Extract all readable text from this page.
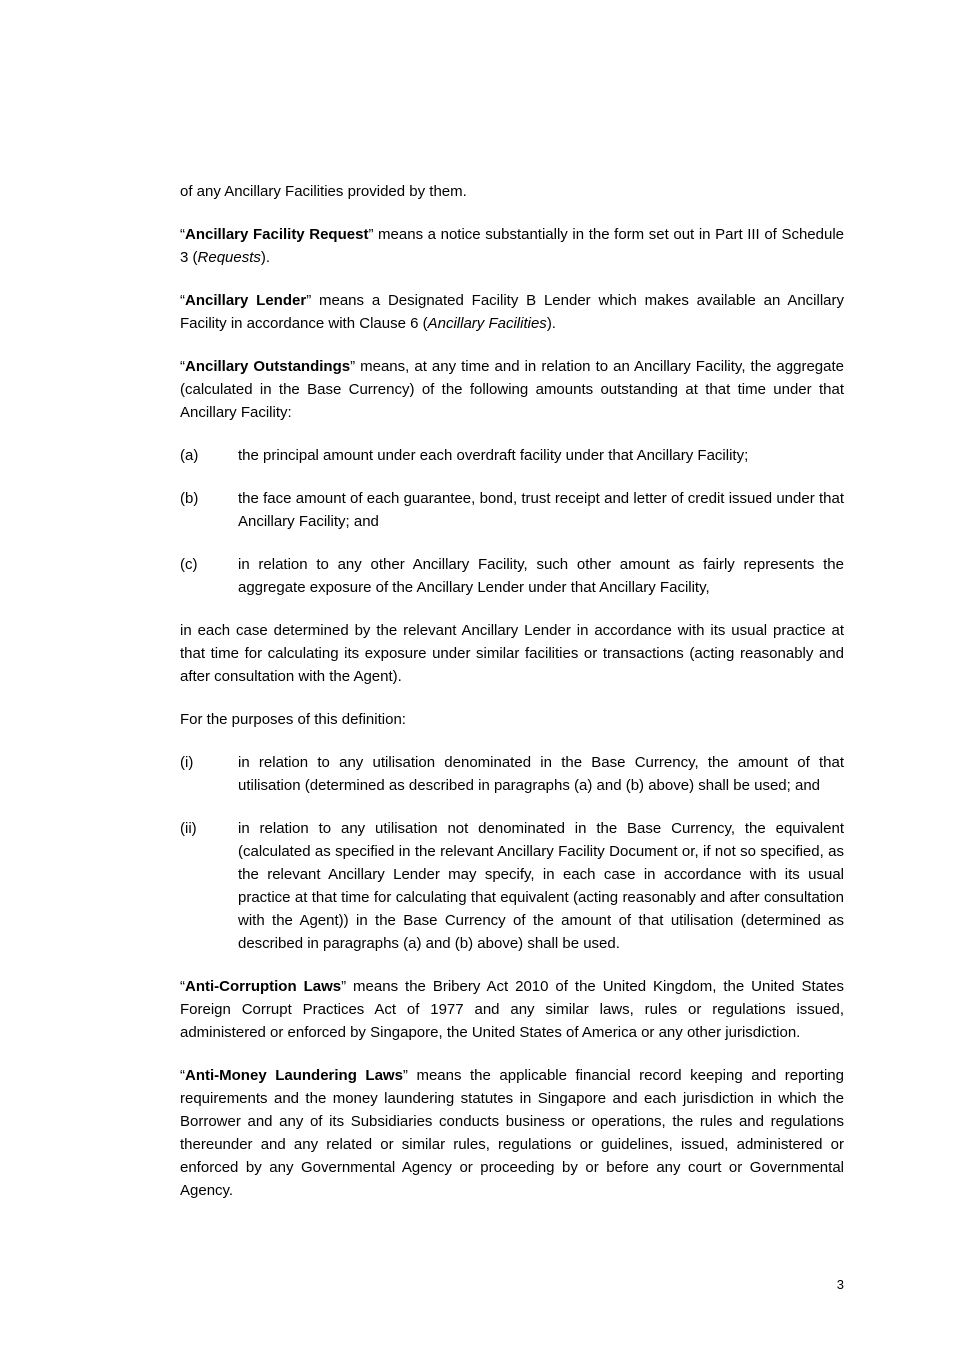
of any Ancillary Facilities provided by them.

“Ancillary Facility Request” means a notice substantially in the form set out in Part III of Schedule 3 (Requests).

“Ancillary Lender” means a Designated Facility B Lender which makes available an Ancillary Facility in accordance with Clause 6 (Ancillary Facilities).

“Ancillary Outstandings” means, at any time and in relation to an Ancillary Facility, the aggregate (calculated in the Base Currency) of the following amounts outstanding at that time under that Ancillary Facility:

(a)	the principal amount under each overdraft facility under that Ancillary Facility;
(b)	the face amount of each guarantee, bond, trust receipt and letter of credit issued under that Ancillary Facility; and
(c)	in relation to any other Ancillary Facility, such other amount as fairly represents the aggregate exposure of the Ancillary Lender under that Ancillary Facility,

in each case determined by the relevant Ancillary Lender in accordance with its usual practice at that time for calculating its exposure under similar facilities or transactions (acting reasonably and after consultation with the Agent).

For the purposes of this definition:

(i)	in relation to any utilisation denominated in the Base Currency, the amount of that utilisation (determined as described in paragraphs (a) and (b) above) shall be used; and
(ii)	in relation to any utilisation not denominated in the Base Currency, the equivalent (calculated as specified in the relevant Ancillary Facility Document or, if not so specified, as the relevant Ancillary Lender may specify, in each case in accordance with its usual practice at that time for calculating that equivalent (acting reasonably and after consultation with the Agent)) in the Base Currency of the amount of that utilisation (determined as described in paragraphs (a) and (b) above) shall be used.

“Anti-Corruption Laws” means the Bribery Act 2010 of the United Kingdom, the United States Foreign Corrupt Practices Act of 1977 and any similar laws, rules or regulations issued, administered or enforced by Singapore, the United States of America or any other jurisdiction.

“Anti-Money Laundering Laws” means the applicable financial record keeping and reporting requirements and the money laundering statutes in Singapore and each jurisdiction in which the Borrower and any of its Subsidiaries conducts business or operations, the rules and regulations thereunder and any related or similar rules, regulations or guidelines, issued, administered or enforced by any Governmental Agency or proceeding by or before any court or Governmental Agency.

3
